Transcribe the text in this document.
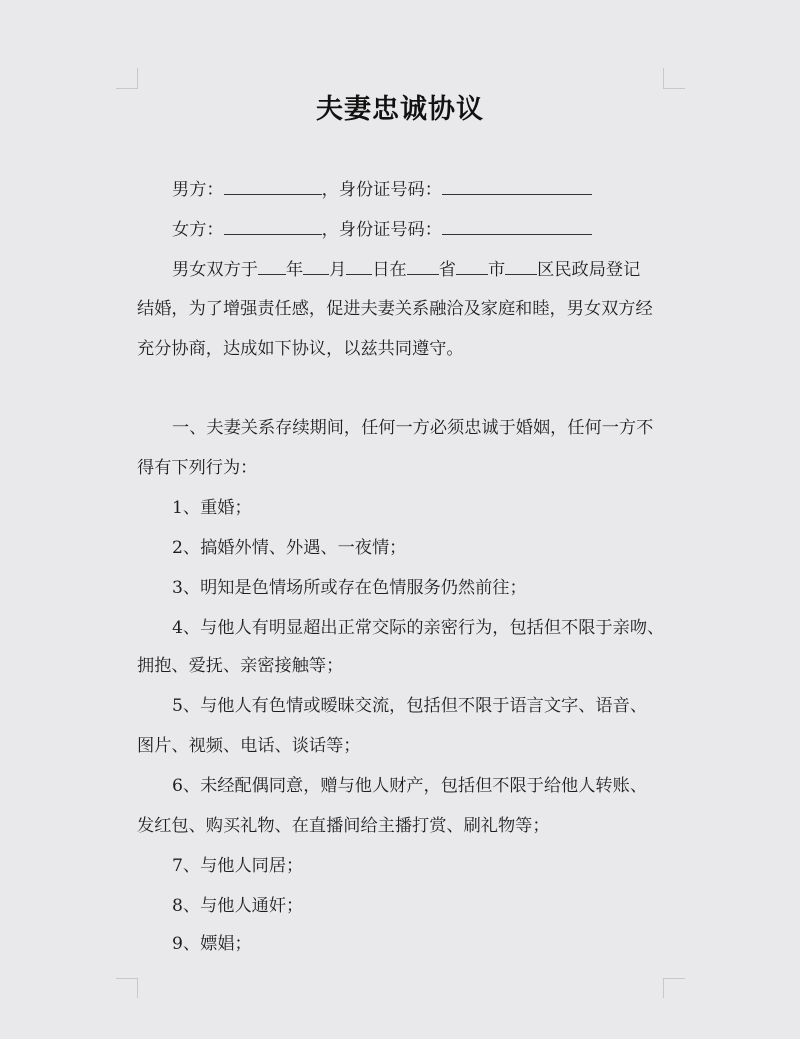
夫妻忠诚协议
男方：	，身份证号码：
女方：	，身份证号码：
男女双方于 年 月 日在 省 市 区民政局登记
结婚，为了增强责任感，促进夫妻关系融洽及家庭和睦，男女双方经
充分协商，达成如下协议，以兹共同遵守。
一、夫妻关系存续期间，任何一方必须忠诚于婚姻，任何一方不
得有下列行为：
1、重婚；
2、搞婚外情、外遇、一夜情；
3、明知是色情场所或存在色情服务仍然前往；
4、与他人有明显超出正常交际的亲密行为，包括但不限于亲吻、
拥抱、爱抚、亲密接触等；
5、与他人有色情或暧昧交流，包括但不限于语言文字、语音、
图片、视频、电话、谈话等；
6、未经配偶同意，赠与他人财产，包括但不限于给他人转账、
发红包、购买礼物、在直播间给主播打赏、刷礼物等；
7、与他人同居；
8、与他人通奸；
9、嫖娼；
